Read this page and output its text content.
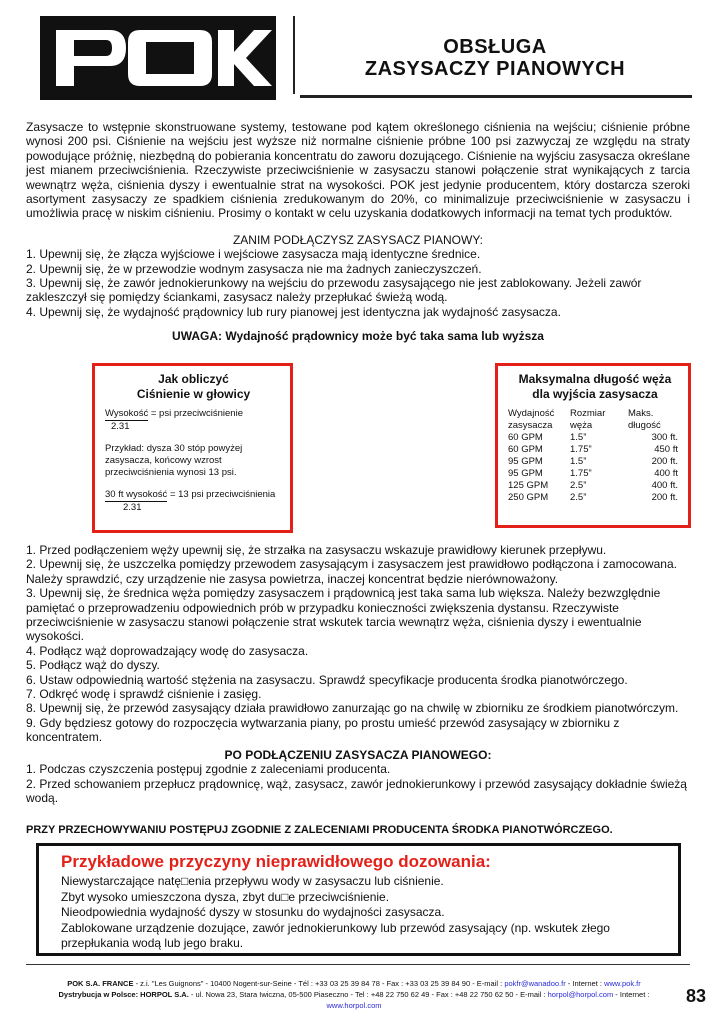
OBSŁUGA
ZASYSACZY PIANOWYCH

Zasysacze to wstępnie skonstruowane systemy, testowane pod kątem określonego ciśnienia na wejściu; ciśnienie próbne wynosi 200 psi. Ciśnienie na wejściu jest wyższe niż normalne ciśnienie próbne 100 psi zazwyczaj ze względu na straty powodujące próżnię, niezbędną do pobierania koncentratu do zaworu dozującego. Ciśnienie na wyjściu zasysacza określane jest mianem przeciwciśnienia. Rzeczywiste przeciwciśnienie w zasysaczu stanowi połączenie strat wynikających z tarcia wewnątrz węża, ciśnienia dyszy i ewentualnie strat na wysokości. POK jest jedynie producentem, który dostarcza szeroki asortyment zasysaczy ze spadkiem ciśnienia zredukowanym do 20%, co minimalizuje przeciwciśnienie w zasysaczu i umożliwia pracę w niskim ciśnieniu. Prosimy o kontakt w celu uzyskania dodatkowych informacji na temat tych produktów.

ZANIM PODŁĄCZYSZ ZASYSACZ PIANOWY:
1. Upewnij się, że złącza wyjściowe i wejściowe zasysacza mają identyczne średnice.
2. Upewnij się, że w przewodzie wodnym zasysacza nie ma żadnych zanieczyszczeń.
3. Upewnij się, że zawór jednokierunkowy na wejściu do przewodu zasysającego nie jest zablokowany. Jeżeli zawór zakleszczył się pomiędzy ściankami, zasysacz należy przepłukać świeżą wodą.
4. Upewnij się, że wydajność prądownicy lub rury pianowej jest identyczna jak wydajność zasysacza.
UWAGA: Wydajność prądownicy może być taka sama lub wyższa
Jak obliczyć
Ciśnienie w głowicy
Wysokość = psi przeciwciśnienie
2.31
Przykład: dysza 30 stóp powyżej zasysacza, końcowy wzrost przeciwciśnienia wynosi 13 psi.
30 ft wysokość = 13 psi przeciwciśnienia
2.31
Maksymalna długość węża
dla wyjścia zasysacza
Wydajność zasysacza	Rozmiar węża	Maks. długość
60 GPM	1.5”	300 ft.
60 GPM	1.75”	450 ft
95 GPM	1.5”	200 ft.
95 GPM	1.75”	400 ft
125 GPM	2.5”	400 ft.
250 GPM	2.5”	200 ft.
1. Przed podłączeniem węży upewnij się, że strzałka na zasysaczu wskazuje prawidłowy kierunek przepływu.
2. Upewnij się, że uszczelka pomiędzy przewodem zasysającym i zasysaczem jest prawidłowo podłączona i zamocowana. Należy sprawdzić, czy urządzenie nie zasysa powietrza, inaczej koncentrat będzie nierównoważony.
3. Upewnij się, że średnica węża pomiędzy zasysaczem i prądownicą jest taka sama lub większa. Należy bezwzględnie pamiętać o przeprowadzeniu odpowiednich prób w przypadku konieczności zwiększenia dystansu. Rzeczywiste przeciwciśnienie w zasysaczu stanowi połączenie strat wskutek tarcia wewnątrz węża, ciśnienia dyszy i ewentualnie wysokości.
4. Podłącz wąż doprowadzający wodę do zasysacza.
5. Podłącz wąż do dyszy.
6. Ustaw odpowiednią wartość stężenia na zasysaczu. Sprawdź specyfikacje producenta środka pianotwórczego.
7. Odkręć wodę i sprawdź ciśnienie i zasięg.
8. Upewnij się, że przewód zasysający działa prawidłowo zanurzając go na chwilę w zbiorniku ze środkiem pianotwórczym.
9. Gdy będziesz gotowy do rozpoczęcia wytwarzania piany, po prostu umieść przewód zasysający w zbiorniku z koncentratem.
PO PODŁĄCZENIU ZASYSACZA PIANOWEGO:
1. Podczas czyszczenia postępuj zgodnie z zaleceniami producenta.
2. Przed schowaniem przepłucz prądownicę, wąż, zasysacz, zawór jednokierunkowy i przewód zasysający dokładnie świeżą wodą.
PRZY PRZECHOWYWANIU POSTĘPUJ ZGODNIE Z ZALECENIAMI PRODUCENTA ŚRODKA PIANOTWÓRCZEGO.
Przykładowe przyczyny nieprawidłowego dozowania:
Niewystarczające natę□enia przepływu wody w zasysaczu lub ciśnienie.
Zbyt wysoko umieszczona dysza, zbyt du□e przeciwciśnienie.
Nieodpowiednia wydajność dyszy w stosunku do wydajności zasysacza.
Zablokowane urządzenie dozujące, zawór jednokierunkowy lub przewód zasysający (np. wskutek złego przepłukania wodą lub jego braku.
POK S.A. FRANCE - z.i. "Les Guignons" - 10400 Nogent-sur-Seine - Tél : +33 03 25 39 84 78 - Fax : +33 03 25 39 84 90 - E-mail : pokfr@wanadoo.fr - Internet : www.pok.fr
Dystrybucja w Polsce: HORPOL S.A. - ul. Nowa 23, Stara Iwiczna, 05-500 Piaseczno - Tel : +48 22 750 62 49 - Fax : +48 22 750 62 50 - E-mail : horpol@horpol.com - Internet : www.horpol.com	83
